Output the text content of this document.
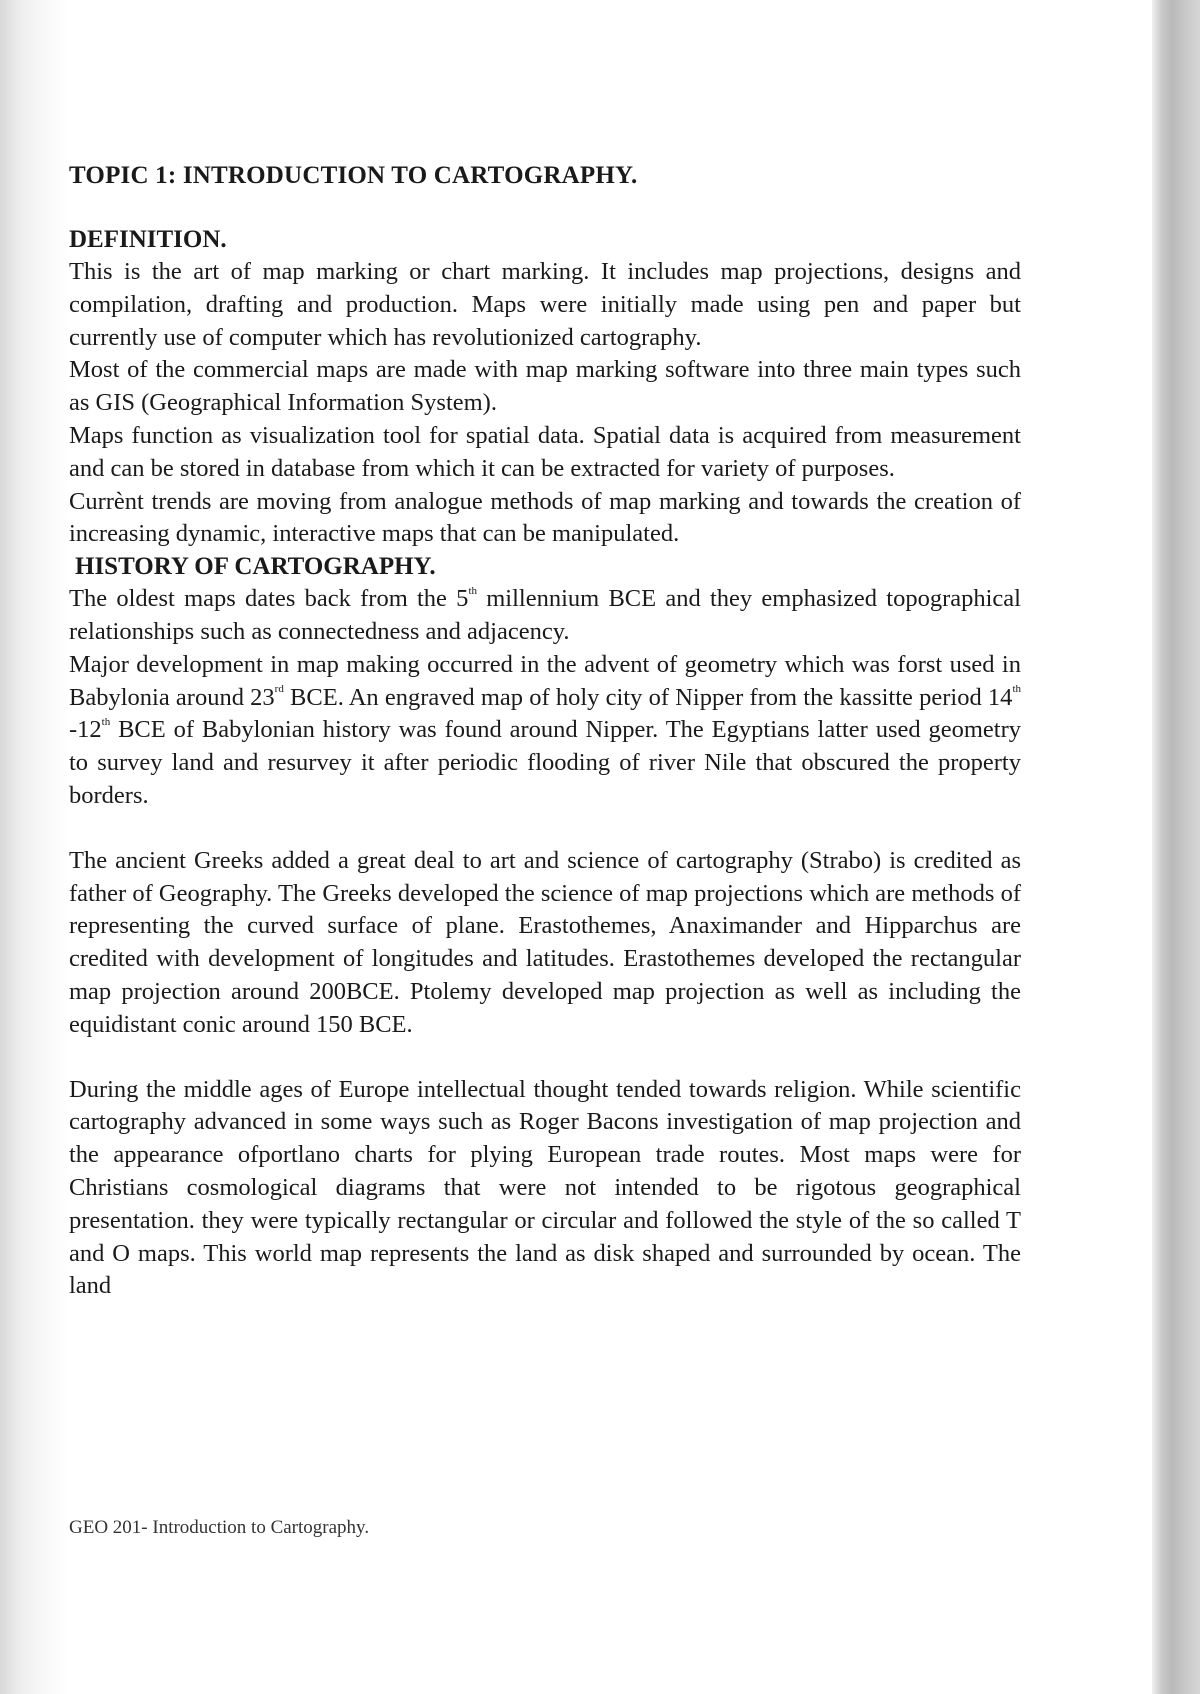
TOPIC 1: INTRODUCTION TO CARTOGRAPHY.
DEFINITION.

This is the art of map marking or chart marking. It includes map projections, designs and compilation, drafting and production. Maps were initially made using pen and paper but currently use of computer which has revolutionized cartography.

Most of the commercial maps are made with map marking software into three main types such as GIS (Geographical Information System).

Maps function as visualization tool for spatial data. Spatial data is acquired from measurement and can be stored in database from which it can be extracted for variety of purposes.

Currènt trends are moving from analogue methods of map marking and towards the creation of increasing dynamic, interactive maps that can be manipulated.

HISTORY OF CARTOGRAPHY.

The oldest maps dates back from the 5th millennium BCE and they emphasized topographical relationships such as connectedness and adjacency.

Major development in map making occurred in the advent of geometry which was forst used in Babylonia around 23rd BCE. An engraved map of holy city of Nipper from the kassitte period 14th -12th BCE of Babylonian history was found around Nipper. The Egyptians latter used geometry to survey land and resurvey it after periodic flooding of river Nile that obscured the property borders.

The ancient Greeks added a great deal to art and science of cartography (Strabo) is credited as father of Geography. The Greeks developed the science of map projections which are methods of representing the curved surface of plane. Erastothemes, Anaximander and Hipparchus are credited with development of longitudes and latitudes. Erastothemes developed the rectangular map projection around 200BCE. Ptolemy developed map projection as well as including the equidistant conic around 150 BCE.

During the middle ages of Europe intellectual thought tended towards religion. While scientific cartography advanced in some ways such as Roger Bacons investigation of map projection and the appearance ofportlano charts for plying European trade routes. Most maps were for Christians cosmological diagrams that were not intended to be rigotous geographical presentation. they were typically rectangular or circular and followed the style of the so called T and O maps. This world map represents the land as disk shaped and surrounded by ocean. The land

GEO 201- Introduction to Cartography.
